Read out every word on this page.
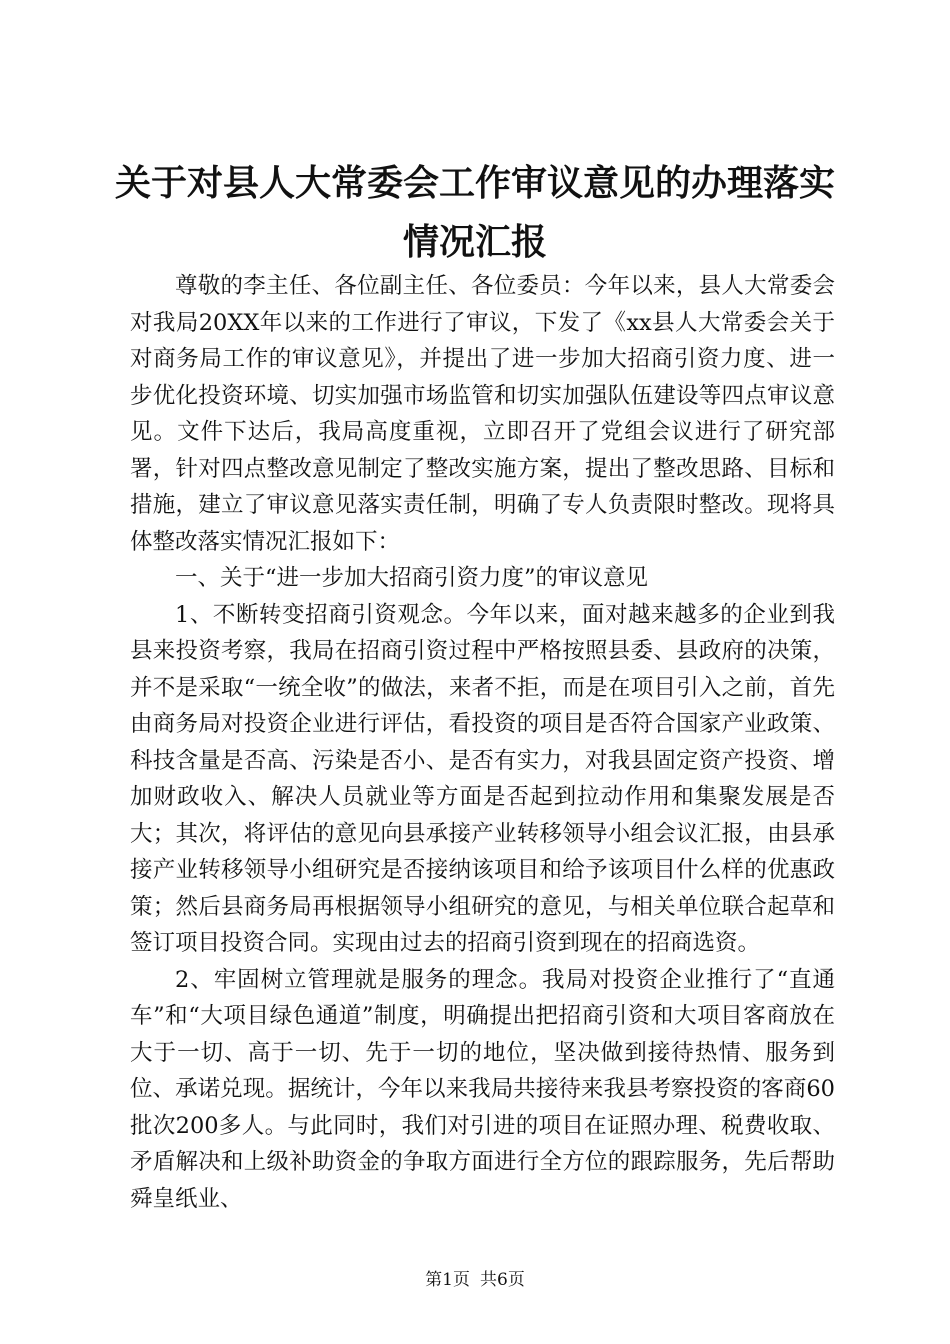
关于对县人大常委会工作审议意见的办理落实
情况汇报

尊敬的李主任、各位副主任、各位委员：今年以来，县人大常委会对我局20XX年以来的工作进行了审议，下发了《xx县人大常委会关于对商务局工作的审议意见》，并提出了进一步加大招商引资力度、进一步优化投资环境、切实加强市场监管和切实加强队伍建设等四点审议意见。文件下达后，我局高度重视，立即召开了党组会议进行了研究部署，针对四点整改意见制定了整改实施方案，提出了整改思路、目标和措施，建立了审议意见落实责任制，明确了专人负责限时整改。现将具体整改落实情况汇报如下：

一、关于“进一步加大招商引资力度”的审议意见

1、不断转变招商引资观念。今年以来，面对越来越多的企业到我县来投资考察，我局在招商引资过程中严格按照县委、县政府的决策，并不是采取“一统全收”的做法，来者不拒，而是在项目引入之前，首先由商务局对投资企业进行评估，看投资的项目是否符合国家产业政策、科技含量是否高、污染是否小、是否有实力，对我县固定资产投资、增加财政收入、解决人员就业等方面是否起到拉动作用和集聚发展是否大；其次，将评估的意见向县承接产业转移领导小组会议汇报，由县承接产业转移领导小组研究是否接纳该项目和给予该项目什么样的优惠政策；然后县商务局再根据领导小组研究的意见，与相关单位联合起草和签订项目投资合同。实现由过去的招商引资到现在的招商选资。

2、牢固树立管理就是服务的理念。我局对投资企业推行了“直通车”和“大项目绿色通道”制度，明确提出把招商引资和大项目客商放在大于一切、高于一切、先于一切的地位，坚决做到接待热情、服务到位、承诺兑现。据统计，今年以来我局共接待来我县考察投资的客商60批次200多人。与此同时，我们对引进的项目在证照办理、税费收取、矛盾解决和上级补助资金的争取方面进行全方位的跟踪服务，先后帮助舜皇纸业、

第1页 共6页
